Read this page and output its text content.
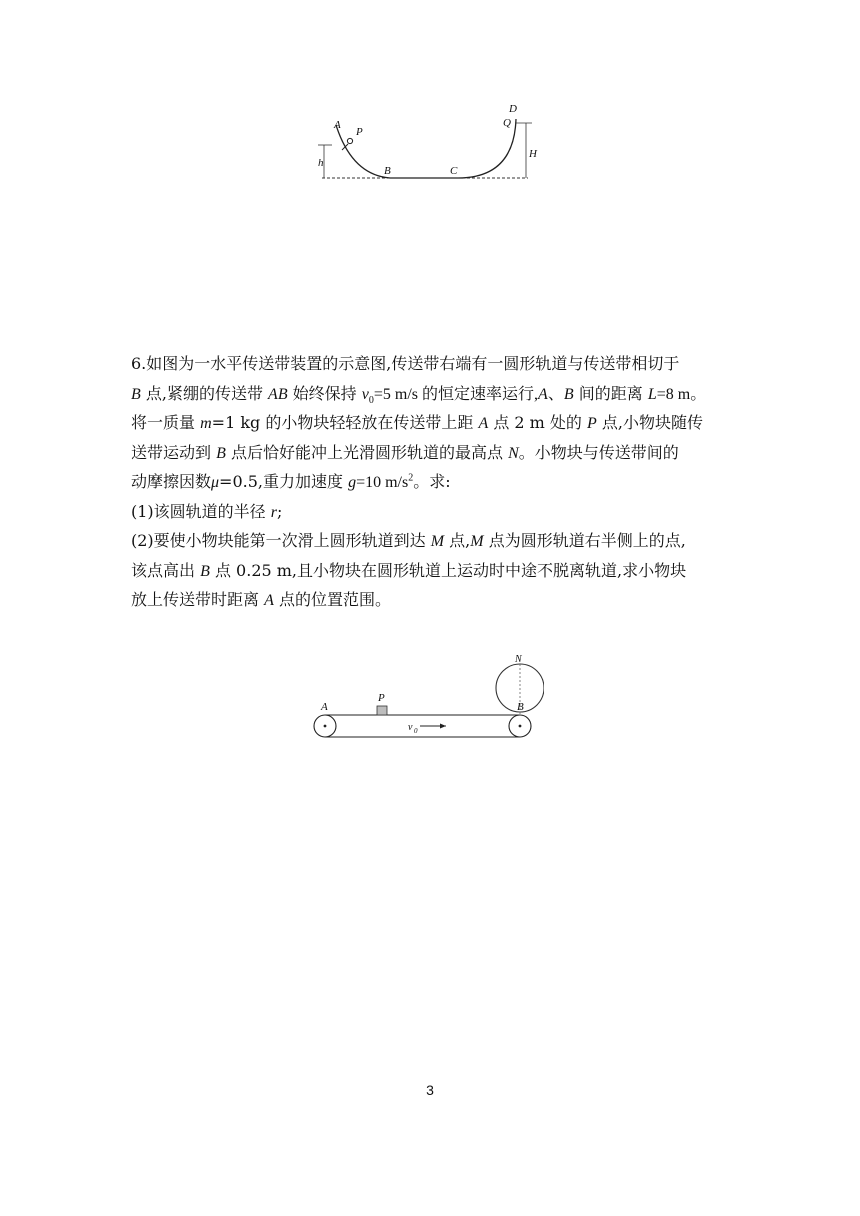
A
P
h
B	C
D
Q
H
6.如图为一水平传送带装置的示意图,传送带右端有一圆形轨道与传送带相切于
B 点,紧绷的传送带 AB 始终保持 $v_0=5$ m/s 的恒定速率运行,A、B 间的距离 L=8 m。
将一质量 m=1 kg 的小物块轻轻放在传送带上距 A 点 2 m 处的 P 点,小物块随传
送带运动到 B 点后恰好能冲上光滑圆形轨道的最高点 N。小物块与传送带间的
动摩擦因数μ=0.5,重力加速度 g=10 $m/s^2$。求:
(1)该圆轨道的半径 r;
(2)要使小物块能第一次滑上圆形轨道到达 M 点,M 点为圆形轨道右半侧上的点,
该点高出 B 点 0.25 m,且小物块在圆形轨道上运动时中途不脱离轨道,求小物块
放上传送带时距离 A 点的位置范围。
A
P
N
B
v 0
3
